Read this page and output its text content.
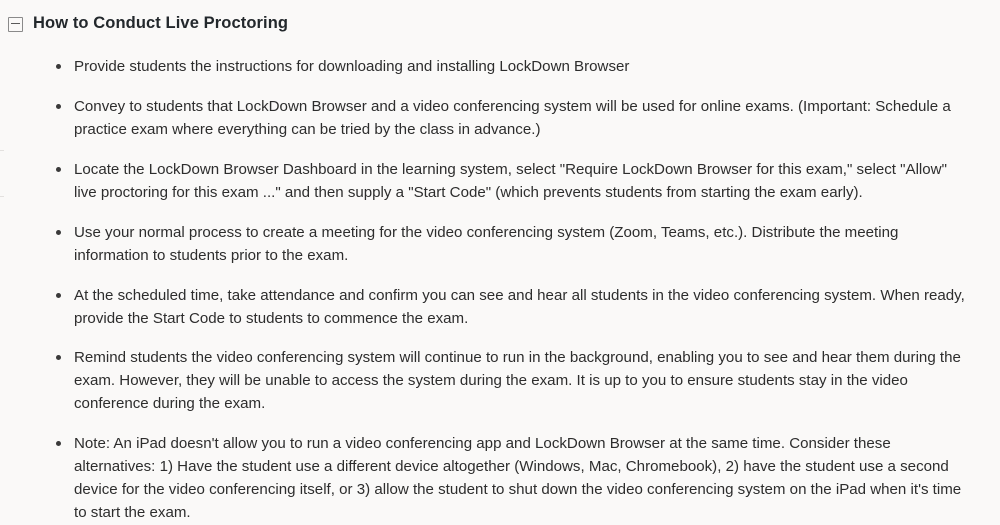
How to Conduct Live Proctoring
Provide students the instructions for downloading and installing LockDown Browser
Convey to students that LockDown Browser and a video conferencing system will be used for online exams. (Important: Schedule a practice exam where everything can be tried by the class in advance.)
Locate the LockDown Browser Dashboard in the learning system, select "Require LockDown Browser for this exam," select "Allow" live proctoring for this exam ..." and then supply a "Start Code" (which prevents students from starting the exam early).
Use your normal process to create a meeting for the video conferencing system (Zoom, Teams, etc.). Distribute the meeting information to students prior to the exam.
At the scheduled time, take attendance and confirm you can see and hear all students in the video conferencing system. When ready, provide the Start Code to students to commence the exam.
Remind students the video conferencing system will continue to run in the background, enabling you to see and hear them during the exam. However, they will be unable to access the system during the exam. It is up to you to ensure students stay in the video conference during the exam.
Note: An iPad doesn't allow you to run a video conferencing app and LockDown Browser at the same time. Consider these alternatives: 1) Have the student use a different device altogether (Windows, Mac, Chromebook), 2) have the student use a second device for the video conferencing itself, or 3) allow the student to shut down the video conferencing system on the iPad when it's time to start the exam.
